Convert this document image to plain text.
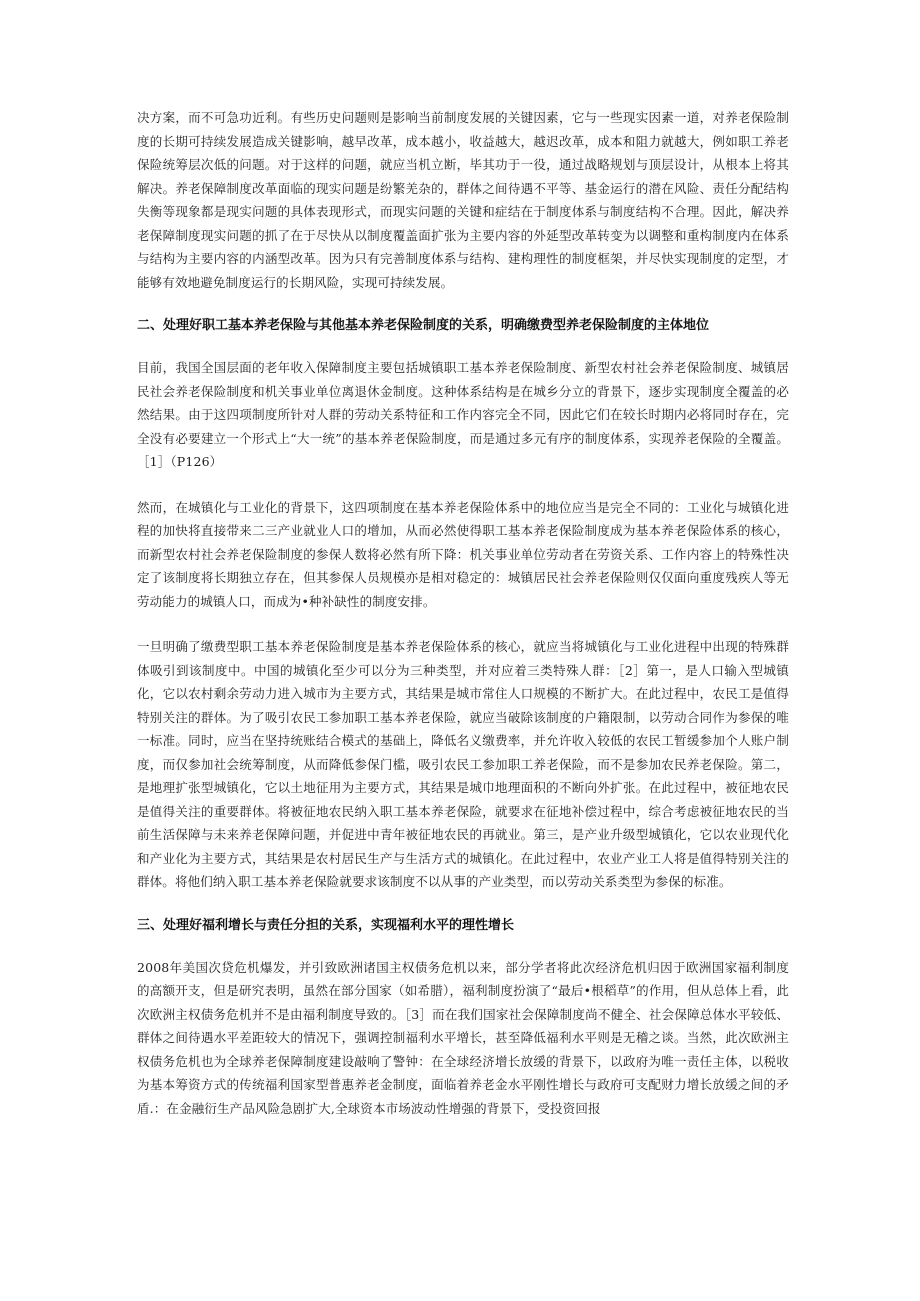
决方案，而不可急功近利。有些历史问题则是影响当前制度发展的关键因素，它与一些现实因素一道，对养老保险制度的长期可持续发展造成关键影响，越早改革，成本越小，收益越大，越迟改革，成本和阻力就越大，例如职工养老保险统筹层次低的问题。对于这样的问题，就应当机立断，毕其功于一役，通过战略规划与顶层设计，从根本上将其解决。养老保障制度改革面临的现实问题是纷繁羌杂的，群体之间待遇不平等、基金运行的潜在风险、责任分配结构失衡等现象都是现实问题的具体表现形式，而现实问题的关键和症结在于制度体系与制度结构不合理。因此，解决养老保障制度现实问题的抓了在于尽快从以制度覆盖面扩张为主要内容的外延型改革转变为以调整和重构制度内在体系与结构为主要内容的内涵型改革。因为只有完善制度体系与结构、建构理性的制度框架，并尽快实现制度的定型，才能够有效地避免制度运行的长期风险，实现可持续发展。

二、处理好职工基本养老保险与其他基本养老保险制度的关系，明确缴费型养老保险制度的主体地位

目前，我国全国层面的老年收入保障制度主要包括城镇职工基本养老保险制度、新型农村社会养老保险制度、城镇居民社会养老保险制度和机关事业单位离退休金制度。这种体系结构是在城乡分立的背景下，逐步实现制度全覆盖的必然结果。由于这四项制度所针对人群的劳动关系特征和工作内容完全不同，因此它们在较长时期内必将同时存在，完全没有必要建立一个形式上“大一统”的基本养老保险制度，而是通过多元有序的制度体系，实现养老保险的全覆盖。［1］（P126）

然而，在城镇化与工业化的背景下，这四项制度在基本养老保险体系中的地位应当是完全不同的：工业化与城镇化进程的加快将直接带来二三产业就业人口的增加，从而必然使得职工基本养老保险制度成为基本养老保险体系的核心，而新型农村社会养老保险制度的参保人数将必然有所下降：机关事业单位劳动者在劳资关系、工作内容上的特殊性决定了该制度将长期独立存在，但其参保人员规模亦是相对稳定的：城镇居民社会养老保险则仅仅面向重度残疾人等无劳动能力的城镇人口，而成为•种补缺性的制度安排。

一旦明确了缴费型职工基本养老保险制度是基本养老保险体系的核心，就应当将城镇化与工业化进程中出现的特殊群体吸引到该制度中。中国的城镇化至少可以分为三种类型，并对应着三类特殊人群：［2］第一，是人口输入型城镇化，它以农村剩余劳动力进入城市为主要方式，其结果是城市常住人口规模的不断扩大。在此过程中，农民工是值得特别关注的群体。为了吸引农民工参加职工基本养老保险，就应当破除该制度的户籍限制，以劳动合同作为参保的唯一标准。同时，应当在坚持统账结合模式的基础上，降低名义缴费率，并允许收入较低的农民工暂缓参加个人账户制度，而仅参加社会统筹制度，从而降低参保门槛，吸引农民工参加职工养老保险，而不是参加农民养老保险。第二，是地理扩张型城镇化，它以土地征用为主要方式，其结果是城巾地理面积的不断向外扩张。在此过程中，被征地农民是值得关注的重要群体。将被征地农民纳入职工基本养老保险，就要求在征地补偿过程中，综合考虑被征地农民的当前生活保障与未来养老保障问题，并促进中青年被征地农民的再就业。第三，是产业升级型城镇化，它以农业现代化和产业化为主要方式，其结果是农村居民生产与生活方式的城镇化。在此过程中，农业产业工人将是值得特别关注的群体。将他们纳入职工基本养老保险就要求该制度不以从事的产业类型，而以劳动关系类型为参保的标准。

三、处理好福利增长与责任分担的关系，实现福利水平的理性增长

2008年美国次贷危机爆发，并引致欧洲诸国主权债务危机以来，部分学者将此次经济危机归因于欧洲国家福利制度的高额开支，但是研究表明，虽然在部分国家（如希腊），福利制度扮演了“最后•根稻草”的作用，但从总体上看，此次欧洲主权债务危机并不是由福利制度导致的。［3］而在我们国家社会保障制度尚不健全、社会保障总体水平较低、群体之间待遇水平差距较大的情况下，强调控制福利水平增长，甚至降低福利水平则是无稽之谈。当然，此次欧洲主权债务危机也为全球养老保障制度建设敲响了警钟：在全球经济增长放缓的背景下，以政府为唯一责任主体，以税收为基本筹资方式的传统福利国家型普惠养老金制度，面临着养老金水平刚性增长与政府可支配财力增长放缓之间的矛盾.：在金融衍生产品风险急剧扩大,全球资本市场波动性增强的背景下，受投资回报
